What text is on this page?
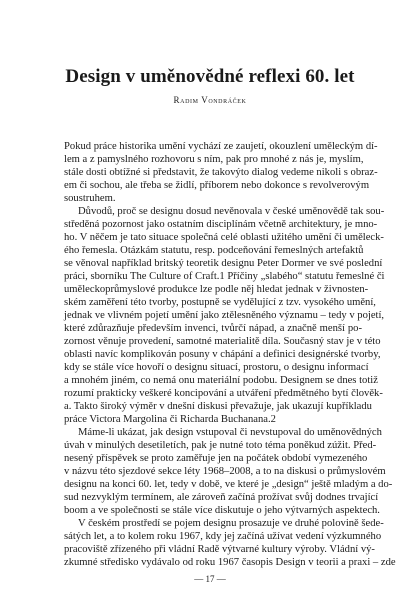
Design v uměnovědné reflexi 60. let
Radim Vondráček
Pokud práce historika umění vychází ze zaujetí, okouzlení uměleckým dí-
lem a z pamyslného rozhovoru s ním, pak pro mnohé z nás je, myslím,
stále dosti obtížné si představit, že takovýto dialog vedeme nikoli s obraz-
em či sochou, ale třeba se židlí, příborem nebo dokonce s revolverovým
soustruhem.
Důvodů, proč se designu dosud nevěnovala v české uměnovědě tak sou-
středěná pozornost jako ostatním disciplínám včetně architektury, je mno-
ho. V něčem je tato situace společná celé oblasti užitého umění či uměleck-
ého řemesla. Otázkám statutu, resp. podceňování řemeslných artefaktů
se věnoval například britský teoretik designu Peter Dormer ve své poslední
práci, sborníku The Culture of Craft.1 Příčiny „slabého“ statutu řemeslné či
uměleckoprůmyslové produkce lze podle něj hledat jednak v živnosten-
ském zaměření této tvorby, postupně se vydělující z tzv. vysokého umění,
jednak ve vlivném pojetí umění jako ztělesněného významu – tedy v pojetí,
které zdůrazňuje především invenci, tvůrčí nápad, a značně menší po-
zornost věnuje provedení, samotné materialitě díla. Současný stav je v této
oblasti navíc komplikován posuny v chápání a definici designérské tvorby,
kdy se stále více hovoří o designu situací, prostoru, o designu informací
a mnohém jiném, co nemá onu materiální podobu. Designem se dnes totiž
rozumí prakticky veškeré koncipování a utváření předmětného bytí člověk-
a. Takto široký výměr v dnešní diskusi převažuje, jak ukazují kupříkladu
práce Victora Margolina či Richarda Buchanana.2
Máme-li ukázat, jak design vstupoval či nevstupoval do uměnovědných
úvah v minulých desetiletích, pak je nutné toto téma poněkud zúžit. Před-
nesený příspěvek se proto zaměřuje jen na počátek období vymezeného
v názvu této sjezdové sekce léty 1968–2008, a to na diskusi o průmyslovém
designu na konci 60. let, tedy v době, ve které je „design“ ještě mladým a do-
sud nezvyklým termínem, ale zároveň začíná prožívat svůj dodnes trvající
boom a ve společnosti se stále více diskutuje o jeho výtvarných aspektech.
V českém prostředí se pojem designu prosazuje ve druhé polovině šede-
sátých let, a to kolem roku 1967, kdy jej začíná užívat vedení výzkumného
pracoviště zřízeného při vládní Radě výtvarné kultury výroby. Vládní vý-
zkumné středisko vydávalo od roku 1967 časopis Design v teorii a praxi – zde
— 17 —
